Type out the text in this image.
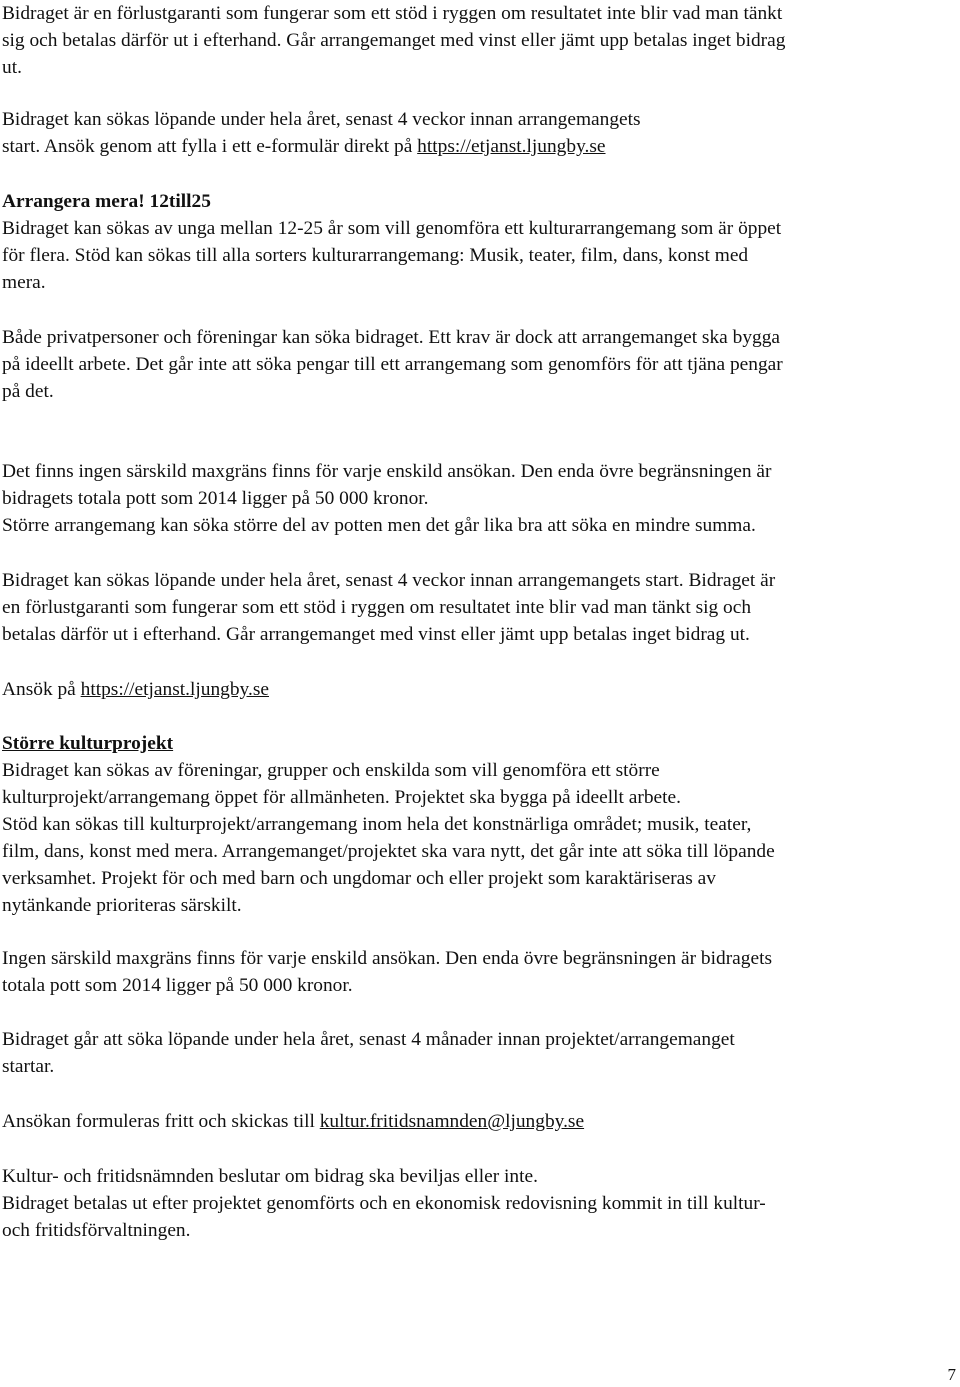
Bidraget är en förlustgaranti som fungerar som ett stöd i ryggen om resultatet inte blir vad man tänkt

sig och betalas därför ut i efterhand. Går arrangemanget med vinst eller jämt upp betalas inget bidrag

ut.

Bidraget kan sökas löpande under hela året, senast 4 veckor innan arrangemangets

start. Ansök genom att fylla i ett e-formulär direkt på https://etjanst.ljungby.se

Arrangera mera! 12till25

Bidraget kan sökas av unga mellan 12-25 år som vill genomföra ett kulturarrangemang som är öppet

för flera. Stöd kan sökas till alla sorters kulturarrangemang: Musik, teater, film, dans, konst med

mera.

Både privatpersoner och föreningar kan söka bidraget. Ett krav är dock att arrangemanget ska bygga

på ideellt arbete. Det går inte att söka pengar till ett arrangemang som genomförs för att tjäna pengar

på det.

Det finns ingen särskild maxgräns finns för varje enskild ansökan. Den enda övre begränsningen är

bidragets totala pott som 2014 ligger på 50 000 kronor.

Större arrangemang kan söka större del av potten men det går lika bra att söka en mindre summa.

Bidraget kan sökas löpande under hela året, senast 4 veckor innan arrangemangets start. Bidraget är

en förlustgaranti som fungerar som ett stöd i ryggen om resultatet inte blir vad man tänkt sig och

betalas därför ut i efterhand. Går arrangemanget med vinst eller jämt upp betalas inget bidrag ut.

Ansök på https://etjanst.ljungby.se

Större kulturprojekt

Bidraget kan sökas av föreningar, grupper och enskilda som vill genomföra ett större

kulturprojekt/arrangemang öppet för allmänheten. Projektet ska bygga på ideellt arbete.

Stöd kan sökas till kulturprojekt/arrangemang inom hela det konstnärliga området; musik, teater,

film, dans, konst med mera. Arrangemanget/projektet ska vara nytt, det går inte att söka till löpande

verksamhet. Projekt för och med barn och ungdomar och eller projekt som karaktäriseras av

nytänkande prioriteras särskilt.

Ingen särskild maxgräns finns för varje enskild ansökan. Den enda övre begränsningen är bidragets

totala pott som 2014 ligger på 50 000 kronor.

Bidraget går att söka löpande under hela året, senast 4 månader innan projektet/arrangemanget

startar.

Ansökan formuleras fritt och skickas till kultur.fritidsnamnden@ljungby.se

Kultur- och fritidsnämnden beslutar om bidrag ska beviljas eller inte.

Bidraget betalas ut efter projektet genomförts och en ekonomisk redovisning kommit in till kultur-

och fritidsförvaltningen.

7
